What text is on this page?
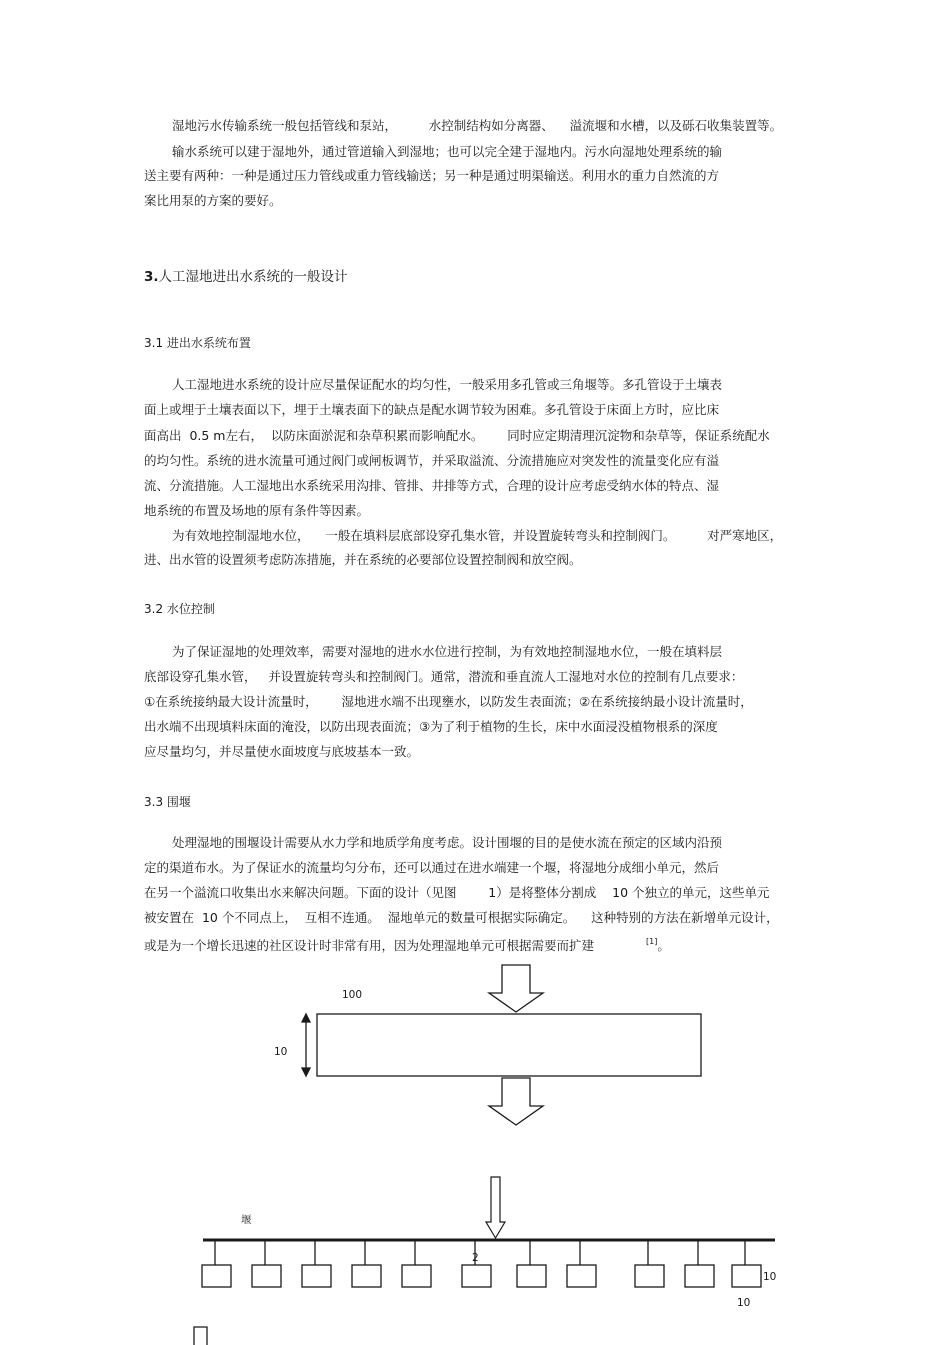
湿地污水传输系统一般包括管线和泵站，        水控制结构如分离器、    溢流堰和水槽，以及砾石收集装置等。
输水系统可以建于湿地外，通过管道输入到湿地；也可以完全建于湿地内。污水向湿地处理系统的输
送主要有两种：一种是通过压力管线或重力管线输送；另一种是通过明渠输送。利用水的重力自然流的方
案比用泵的方案的要好。
3.人工湿地进出水系统的一般设计
3.1 进出水系统布置
人工湿地进水系统的设计应尽量保证配水的均匀性，一般采用多孔管或三角堰等。多孔管设于土壤表
面上或埋于土壤表面以下，埋于土壤表面下的缺点是配水调节较为困难。多孔管设于床面上方时，应比床
面高出  0.5 m左右，  以防床面淤泥和杂草积累而影响配水。      同时应定期清理沉淀物和杂草等，保证系统配水
的均匀性。系统的进水流量可通过阀门或闸板调节，并采取溢流、分流措施应对突发性的流量变化应有溢
流、分流措施。人工湿地出水系统采用沟排、管排、井排等方式，合理的设计应考虑受纳水体的特点、湿
地系统的布置及场地的原有条件等因素。
为有效地控制湿地水位，    一般在填料层底部设穿孔集水管，并设置旋转弯头和控制阀门。        对严寒地区，
进、出水管的设置须考虑防冻措施，并在系统的必要部位设置控制阀和放空阀。
3.2 水位控制
为了保证湿地的处理效率，需要对湿地的进水水位进行控制，为有效地控制湿地水位，一般在填料层
底部设穿孔集水管，   并设置旋转弯头和控制阀门。通常，潜流和垂直流人工湿地对水位的控制有几点要求：
①在系统接纳最大设计流量时，      湿地进水端不出现壅水，以防发生表面流；②在系统接纳最小设计流量时，
出水端不出现填料床面的淹没，以防出现表面流；③为了利于植物的生长，床中水面浸没植物根系的深度
应尽量均匀，并尽量使水面坡度与底坡基本一致。
3.3 围堰
处理湿地的围堰设计需要从水力学和地质学角度考虑。设计围堰的目的是使水流在预定的区域内沿预
定的渠道布水。为了保证水的流量均匀分布，还可以通过在进水端建一个堰，将湿地分成细小单元，然后
在另一个溢流口收集出水来解决问题。下面的设计（见图        1）是将整体分割成    10 个独立的单元，这些单元
被安置在  10 个不同点上，  互相不连通。  湿地单元的数量可根据实际确定。    这种特别的方法在新增单元设计，
或是为一个增长迅速的社区设计时非常有用，因为处理湿地单元可根据需要而扩建	[1]。
100
10
堰
2
10
10
